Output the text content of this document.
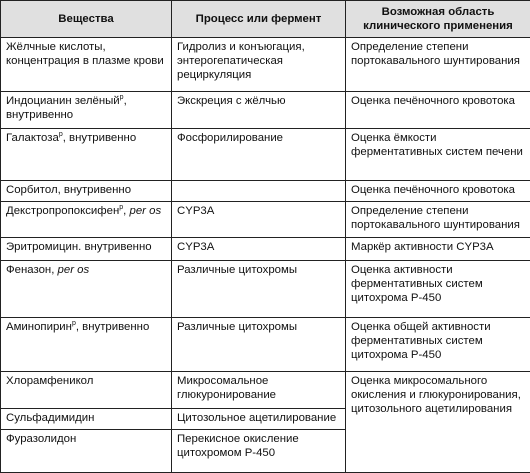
Вещества	Процесс или фермент	Возможная область клинического применения
Жёлчные кислоты, концентрация в плазме крови	Гидролиз и конъюгация, энтерогепатическая рециркуляция	Определение степени портокавального шунтирования
Индоцианин зелёный$^р$, внутривенно	Экскреция с жёлчью	Оценка печёночного кровотока
Галактоза$^р$, внутривенно	Фосфорилирование	Оценка ёмкости ферментативных систем печени
Сорбитол, внутривенно		Оценка печёночного кровотока
Декстропропоксифен$^р$, per os	CYP3A	Определение степени портокавального шунтирования
Эритромицин. внутривенно	CYP3A	Маркёр активности CYP3A
Феназон, per os	Различные цитохромы	Оценка активности ферментативных систем цитохрома Р-450
Аминопирин$^р$, внутривенно	Различные цитохромы	Оценка общей активности ферментативных систем цитохрома Р-450
Хлорамфеникол	Микросомальное глюкуронирование	Оценка микросомального окисления и глюкуронирования, цитозольного ацетилирования
Сульфадимидин	Цитозольное ацетилирование	
Фуразолидон	Перекисное окисление цитохромом Р-450	
